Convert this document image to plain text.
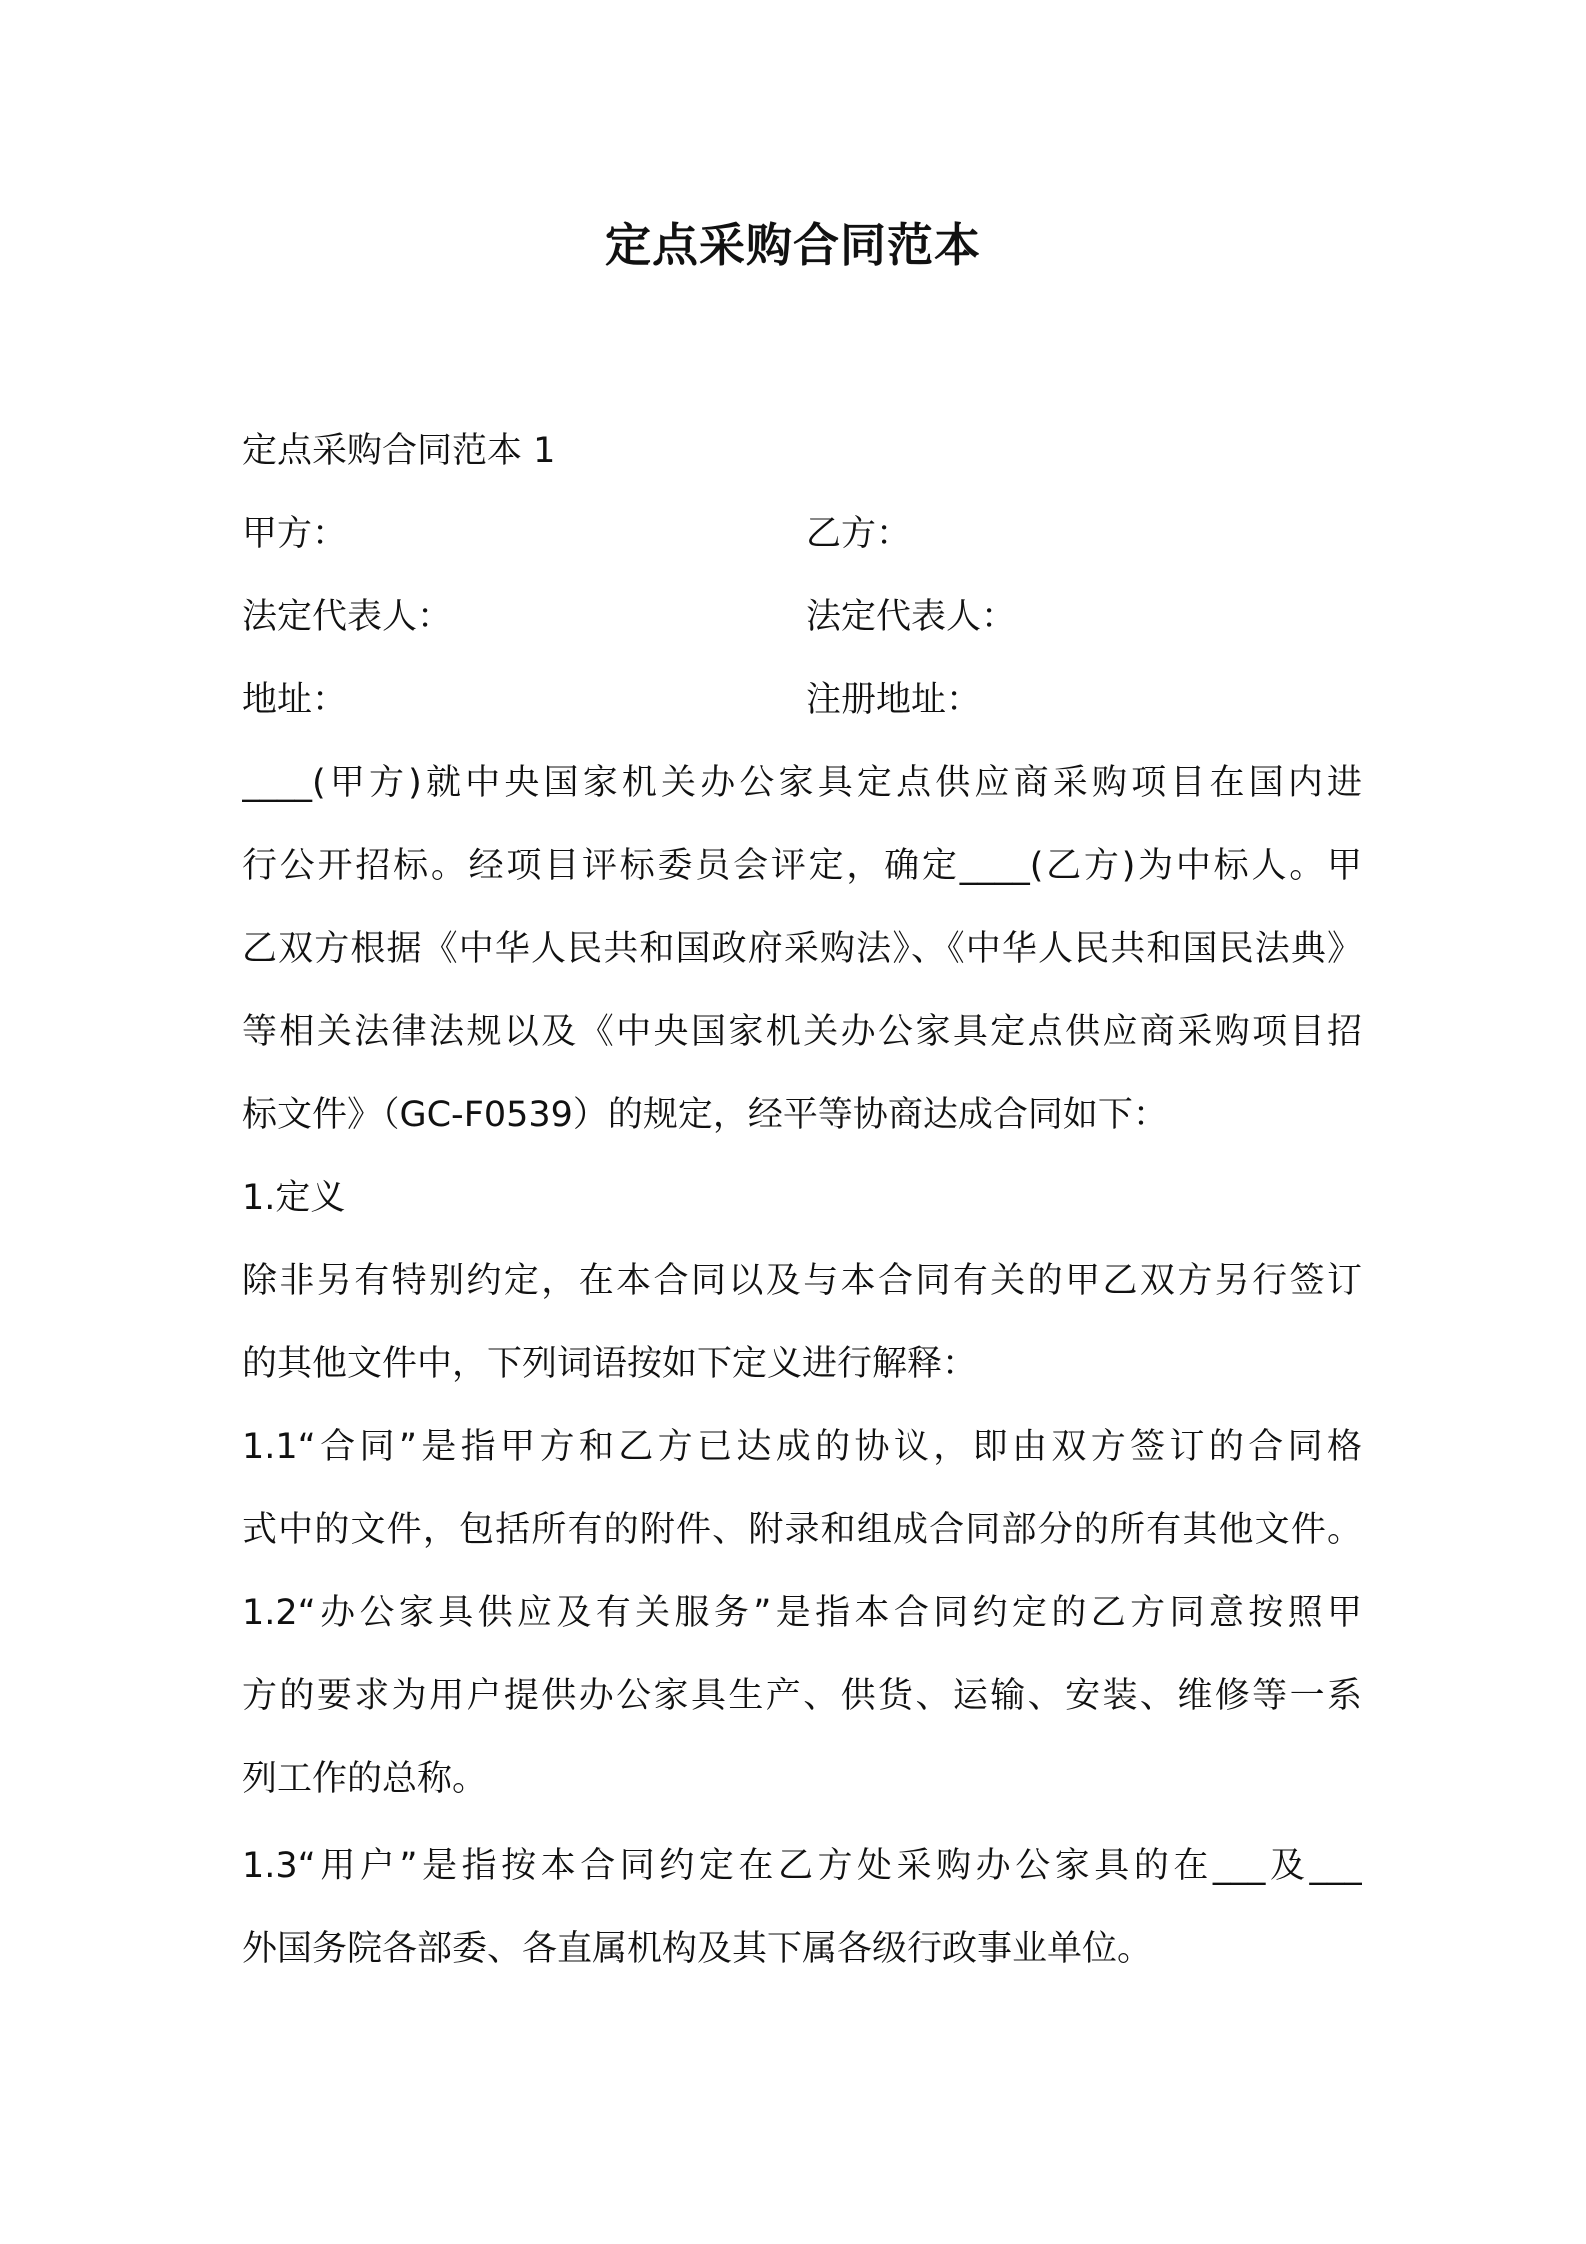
定点采购合同范本
定点采购合同范本 1
甲方：	乙方：
法定代表人：	法定代表人：
地址：	注册地址：
____(甲方)就中央国家机关办公家具定点供应商采购项目在国内进
行公开招标。经项目评标委员会评定，确定____(乙方)为中标人。甲
乙双方根据《中华人民共和国政府采购法》、《中华人民共和国民法典》
等相关法律法规以及《中央国家机关办公家具定点供应商采购项目招
标文件》（GC-F0539）的规定，经平等协商达成合同如下：
1.定义
除非另有特别约定，在本合同以及与本合同有关的甲乙双方另行签订
的其他文件中，下列词语按如下定义进行解释：
1.1“合同”是指甲方和乙方已达成的协议，即由双方签订的合同格
式中的文件，包括所有的附件、附录和组成合同部分的所有其他文件。
1.2“办公家具供应及有关服务”是指本合同约定的乙方同意按照甲
方的要求为用户提供办公家具生产、供货、运输、安装、维修等一系
列工作的总称。
1.3“用户”是指按本合同约定在乙方处采购办公家具的在___及___
外国务院各部委、各直属机构及其下属各级行政事业单位。
